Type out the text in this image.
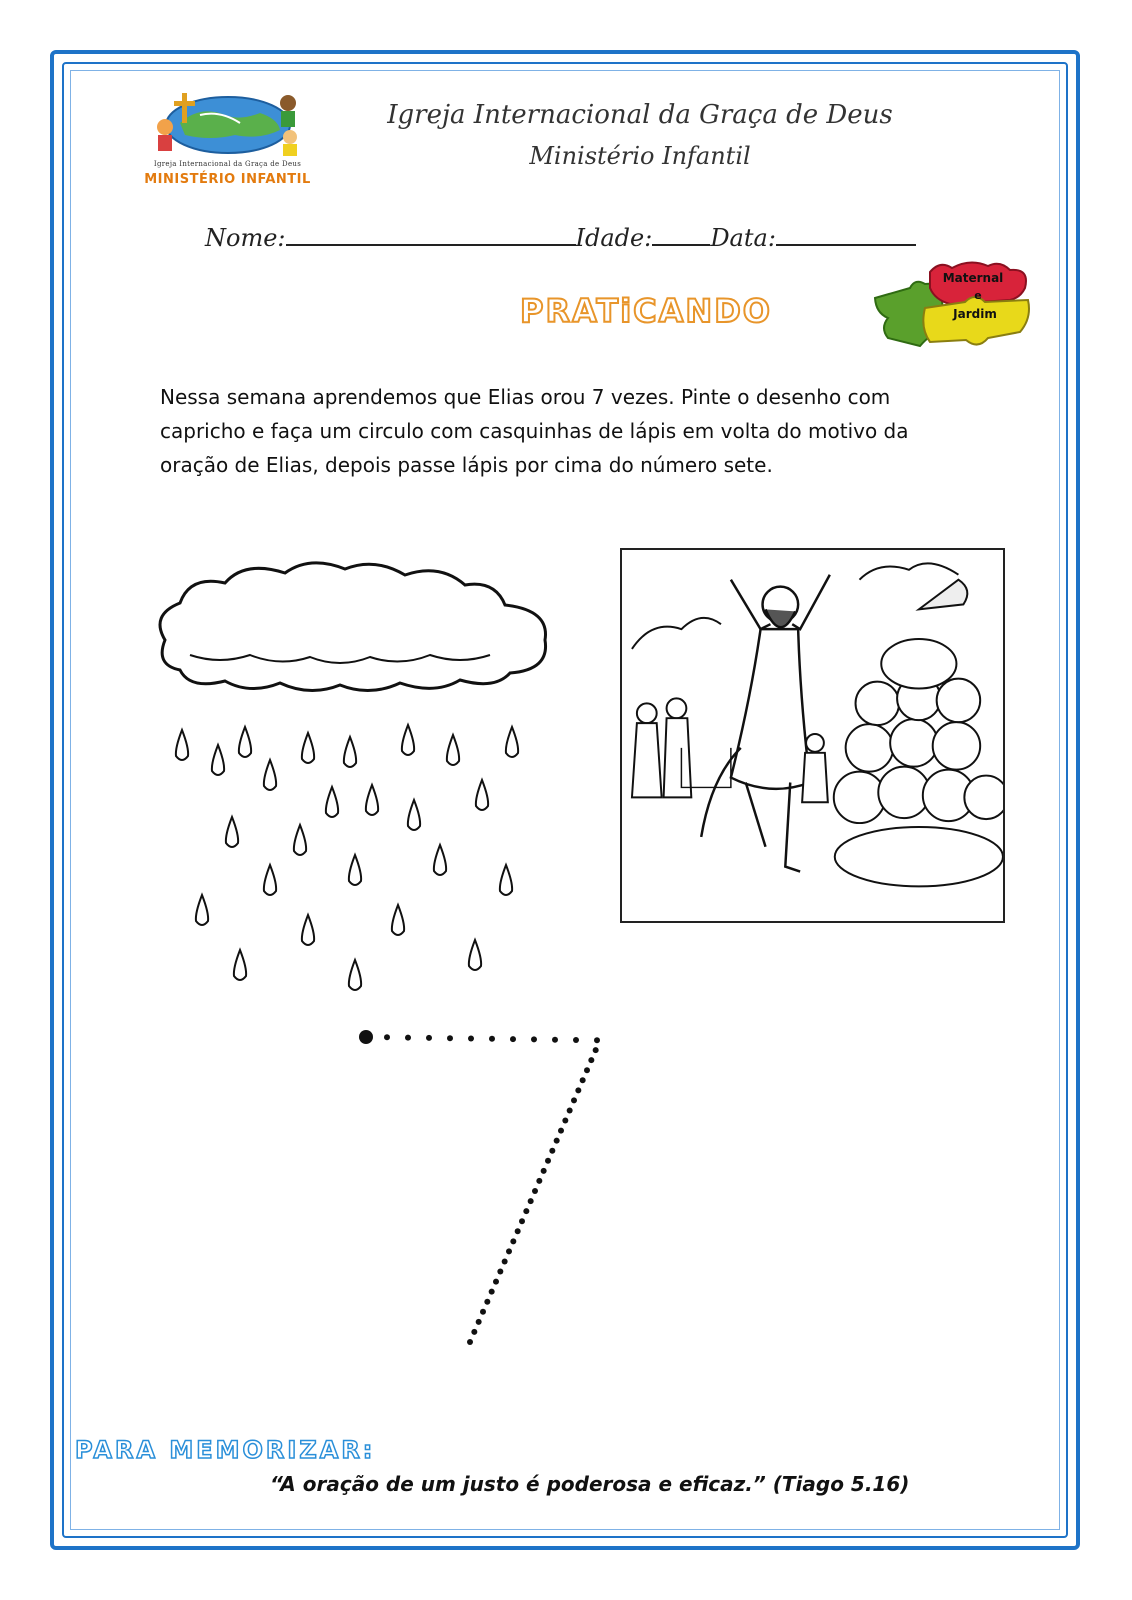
Igreja Internacional da Graça de Deus
MINISTÉRIO INFANTIL
Igreja Internacional da Graça de Deus
Ministério Infantil
Nome:	Idade: Data:
PRATiCANDO
Maternal
e
Jardim
Nessa semana aprendemos que Elias orou 7 vezes. Pinte o desenho com capricho e faça um circulo com casquinhas de lápis em volta do motivo da oração de Elias, depois passe lápis por cima do número sete.
PARA MEMORIZAR:
“A oração de um justo é poderosa e eficaz.” (Tiago 5.16)
